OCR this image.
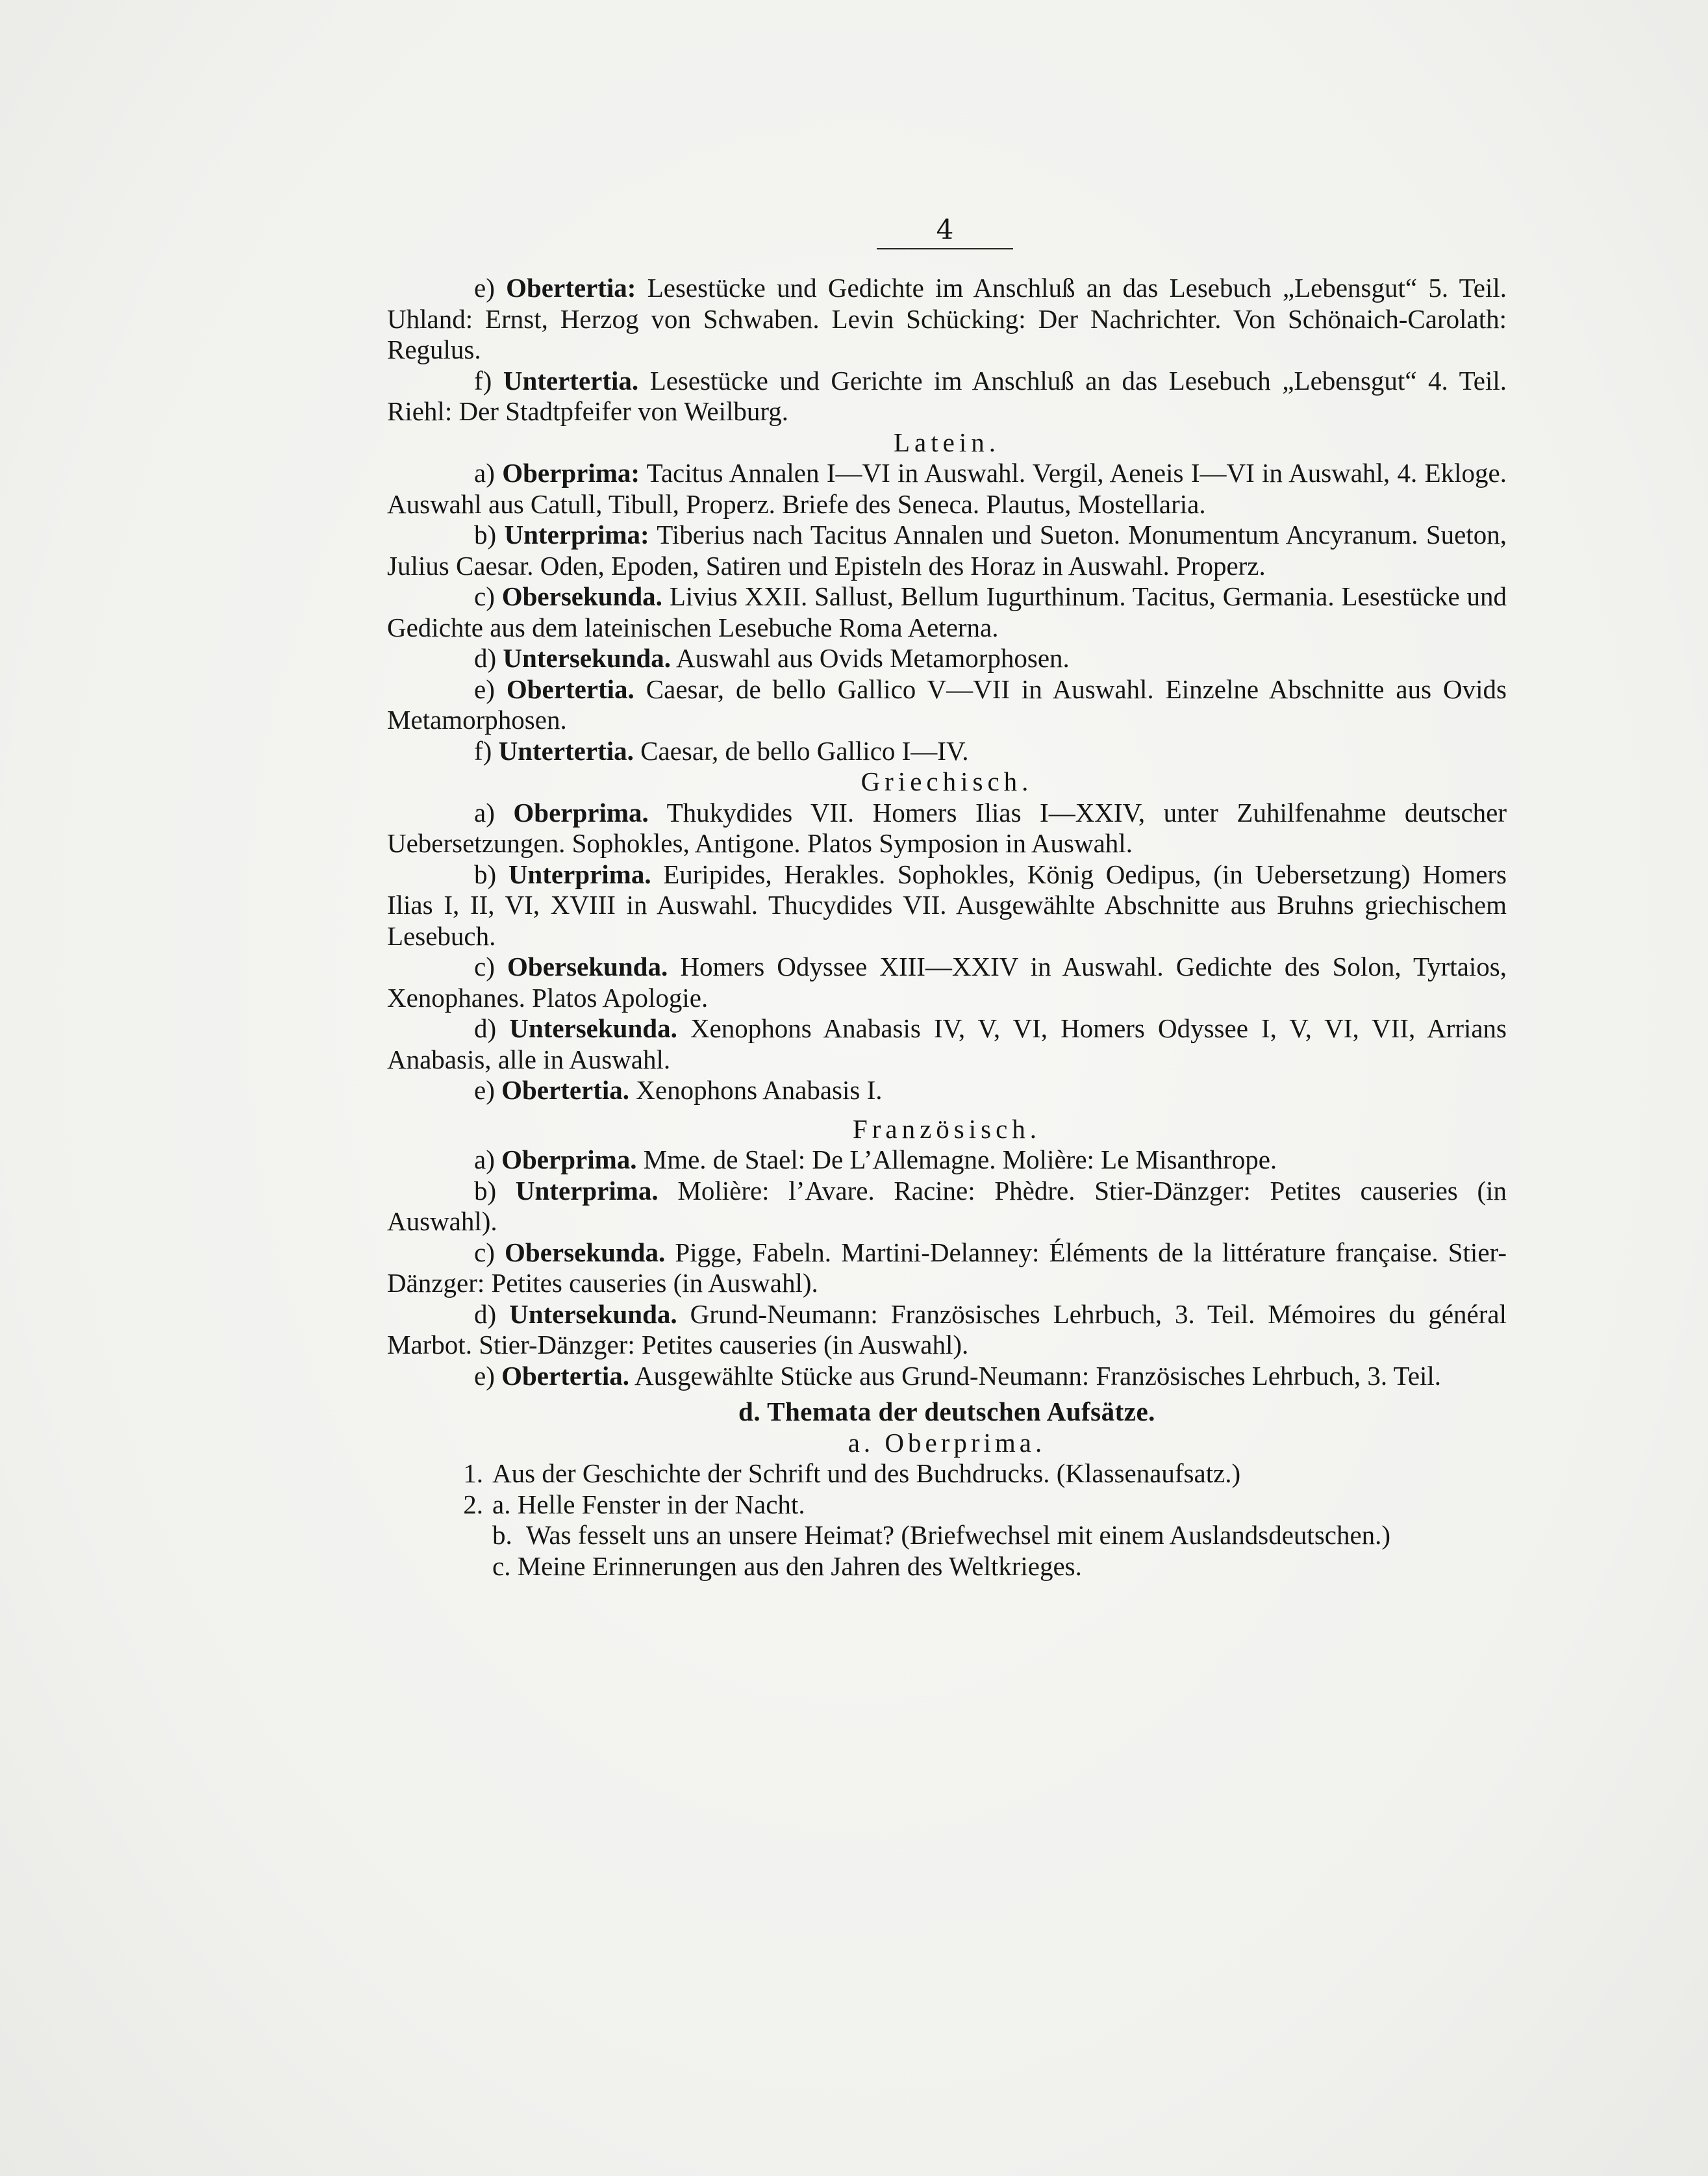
4

e) Obertertia: Lesestücke und Gedichte im Anschluß an das Lesebuch „Lebensgut“ 5. Teil. Uhland: Ernst, Herzog von Schwaben. Levin Schücking: Der Nachrichter. Von Schönaich-Carolath: Regulus.

f) Untertertia. Lesestücke und Gerichte im Anschluß an das Lesebuch „Lebensgut“ 4. Teil. Riehl: Der Stadtpfeifer von Weilburg.

Latein.

a) Oberprima: Tacitus Annalen I—VI in Auswahl. Vergil, Aeneis I—VI in Auswahl, 4. Ekloge. Auswahl aus Catull, Tibull, Properz. Briefe des Seneca. Plautus, Mostellaria.

b) Unterprima: Tiberius nach Tacitus Annalen und Sueton. Monumentum Ancyranum. Sueton, Julius Caesar. Oden, Epoden, Satiren und Episteln des Horaz in Auswahl. Properz.

c) Obersekunda. Livius XXII. Sallust, Bellum Iugurthinum. Tacitus, Germania. Lesestücke und Gedichte aus dem lateinischen Lesebuche Roma Aeterna.

d) Untersekunda. Auswahl aus Ovids Metamorphosen.

e) Obertertia. Caesar, de bello Gallico V—VII in Auswahl. Einzelne Abschnitte aus Ovids Metamorphosen.

f) Untertertia. Caesar, de bello Gallico I—IV.

Griechisch.

a) Oberprima. Thukydides VII. Homers Ilias I—XXIV, unter Zuhilfenahme deutscher Uebersetzungen. Sophokles, Antigone. Platos Symposion in Auswahl.

b) Unterprima. Euripides, Herakles. Sophokles, König Oedipus, (in Uebersetzung) Homers Ilias I, II, VI, XVIII in Auswahl. Thucydides VII. Ausgewählte Abschnitte aus Bruhns griechischem Lesebuch.

c) Obersekunda. Homers Odyssee XIII—XXIV in Auswahl. Gedichte des Solon, Tyrtaios, Xenophanes. Platos Apologie.

d) Untersekunda. Xenophons Anabasis IV, V, VI, Homers Odyssee I, V, VI, VII, Arrians Anabasis, alle in Auswahl.

e) Obertertia. Xenophons Anabasis I.

Französisch.

a) Oberprima. Mme. de Stael: De L’Allemagne. Molière: Le Misanthrope.

b) Unterprima. Molière: l’Avare. Racine: Phèdre. Stier-Dänzger: Petites causeries (in Auswahl).

c) Obersekunda. Pigge, Fabeln. Martini-Delanney: Éléments de la littérature française. Stier-Dänzger: Petites causeries (in Auswahl).

d) Untersekunda. Grund-Neumann: Französisches Lehrbuch, 3. Teil. Mémoires du général Marbot. Stier-Dänzger: Petites causeries (in Auswahl).

e) Obertertia. Ausgewählte Stücke aus Grund-Neumann: Französisches Lehrbuch, 3. Teil.

d. Themata der deutschen Aufsätze.

a. Oberprima.

1. Aus der Geschichte der Schrift und des Buchdrucks. (Klassenaufsatz.)
2. a. Helle Fenster in der Nacht.
b. Was fesselt uns an unsere Heimat? (Briefwechsel mit einem Auslandsdeutschen.)
c. Meine Erinnerungen aus den Jahren des Weltkrieges.
